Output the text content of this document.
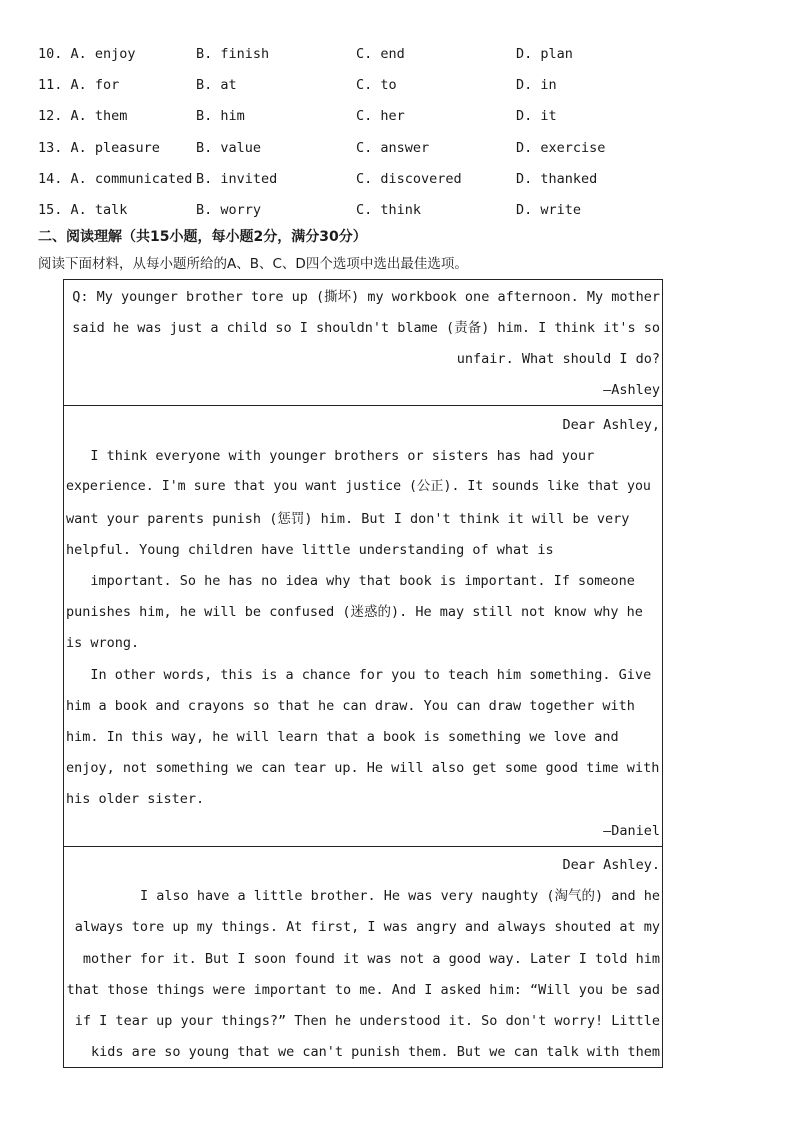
10. A. enjoy	B. finish	C. end	D. plan
11. A. for	B. at	C. to	D. in
12. A. them	B. him	C. her	D. it
13. A. pleasure	B. value	C. answer	D. exercise
14. A. communicated B. invited	C. discovered	D. thanked
15. A. talk	B. worry	C. think	D. write
二、阅读理解（共15小题，每小题2分，满分30分）
阅读下面材料，从每小题所给的A、B、C、D四个选项中选出最佳选项。
Q: My younger brother tore up (撕坏) my workbook one afternoon. My mother
said he was just a child so I shouldn't blame (责备) him. I think it's so
unfair. What should I do?
—Ashley
Dear Ashley,
I think everyone with younger brothers or sisters has had your
experience. I'm sure that you want justice (公正). It sounds like that you
want your parents punish (惩罚) him. But I don't think it will be very
helpful. Young children have little understanding of what is
important. So he has no idea why that book is important. If someone
punishes him, he will be confused (迷惑的). He may still not know why he
is wrong.
In other words, this is a chance for you to teach him something. Give
him a book and crayons so that he can draw. You can draw together with
him. In this way, he will learn that a book is something we love and
enjoy, not something we can tear up. He will also get some good time with
his older sister.
—Daniel
Dear Ashley.
I also have a little brother. He was very naughty (淘气的) and he
always tore up my things. At first, I was angry and always shouted at my
mother for it. But I soon found it was not a good way. Later I told him
that those things were important to me. And I asked him: “Will you be sad
if I tear up your things?” Then he understood it. So don't worry! Little
kids are so young that we can't punish them. But we can talk with them
